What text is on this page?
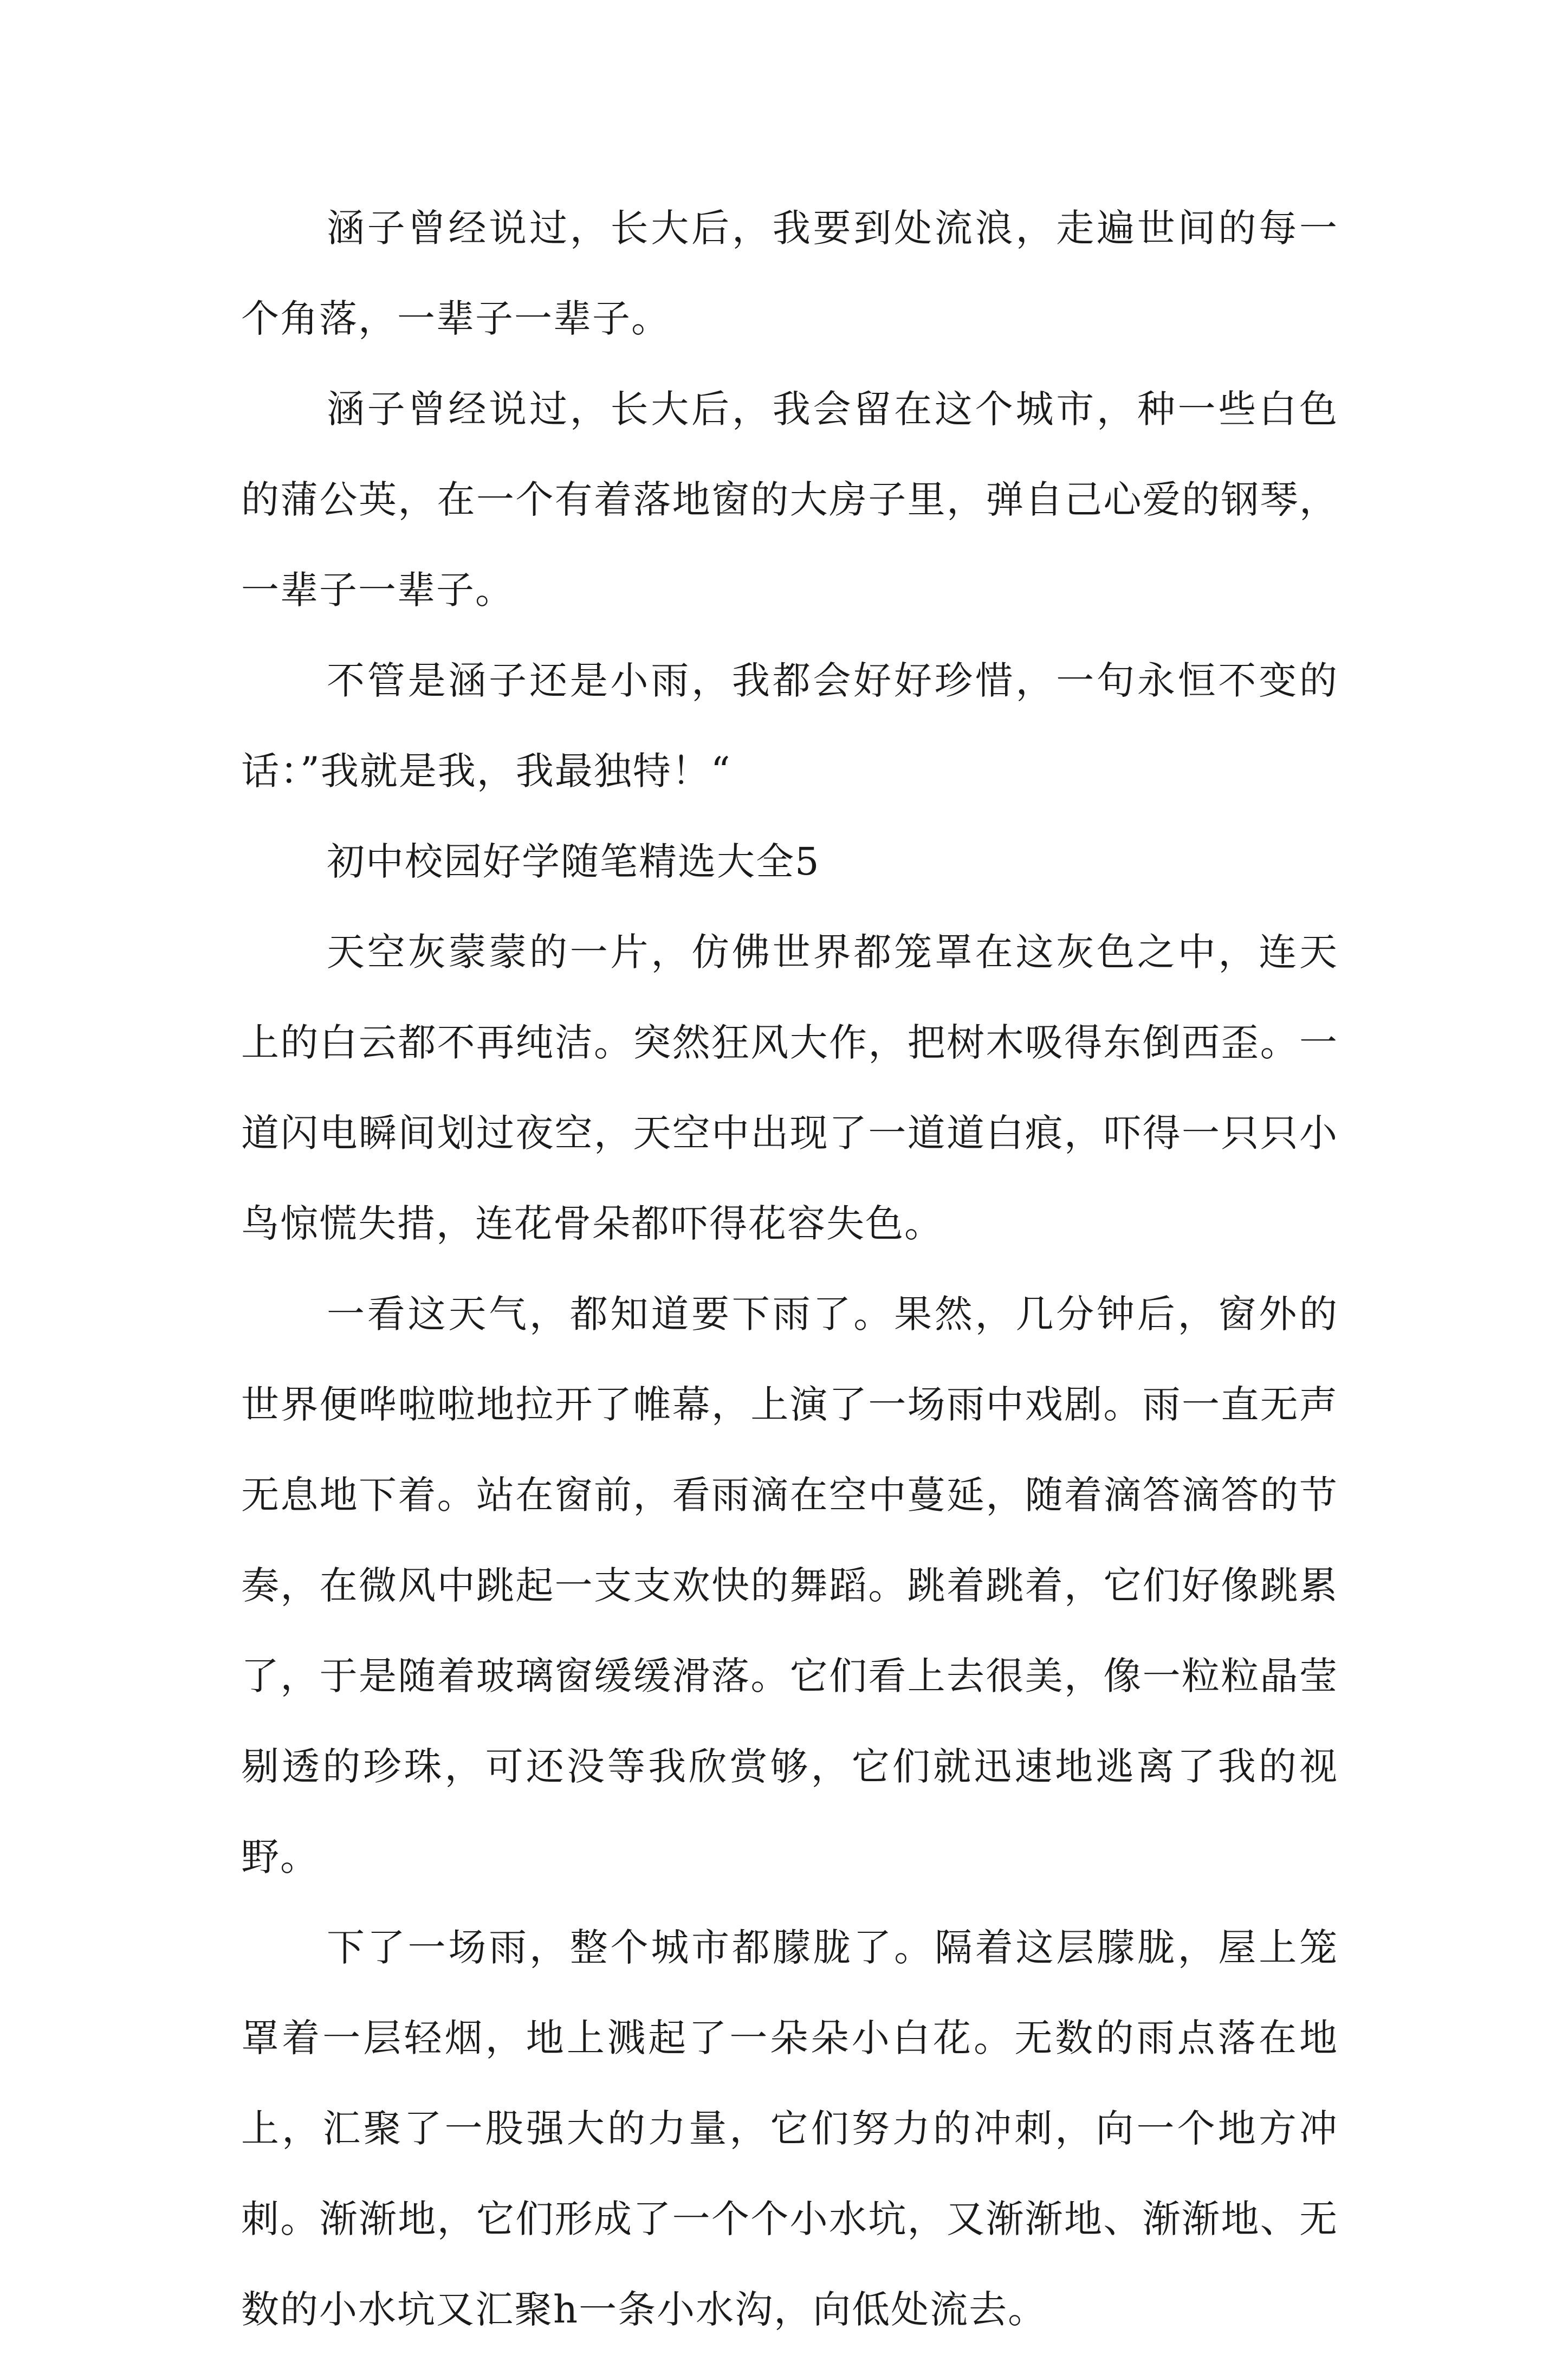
涵子曾经说过，长大后，我要到处流浪，走遍世间的每一个角落，一辈子一辈子。

涵子曾经说过，长大后，我会留在这个城市，种一些白色的蒲公英，在一个有着落地窗的大房子里，弹自己心爱的钢琴，一辈子一辈子。

不管是涵子还是小雨，我都会好好珍惜，一句永恒不变的话：”我就是我，我最独特！“

初中校园好学随笔精选大全5

天空灰蒙蒙的一片，仿佛世界都笼罩在这灰色之中，连天上的白云都不再纯洁。突然狂风大作，把树木吸得东倒西歪。一道闪电瞬间划过夜空，天空中出现了一道道白痕，吓得一只只小鸟惊慌失措，连花骨朵都吓得花容失色。

一看这天气，都知道要下雨了。果然，几分钟后，窗外的世界便哗啦啦地拉开了帷幕，上演了一场雨中戏剧。雨一直无声无息地下着。站在窗前，看雨滴在空中蔓延，随着滴答滴答的节奏，在微风中跳起一支支欢快的舞蹈。跳着跳着，它们好像跳累了，于是随着玻璃窗缓缓滑落。它们看上去很美，像一粒粒晶莹剔透的珍珠，可还没等我欣赏够，它们就迅速地逃离了我的视野。

下了一场雨，整个城市都朦胧了。隔着这层朦胧，屋上笼罩着一层轻烟，地上溅起了一朵朵小白花。无数的雨点落在地上，汇聚了一股强大的力量，它们努力的冲刺，向一个地方冲刺。渐渐地，它们形成了一个个小水坑，又渐渐地、渐渐地、无数的小水坑又汇聚h一条小水沟，向低处流去。
